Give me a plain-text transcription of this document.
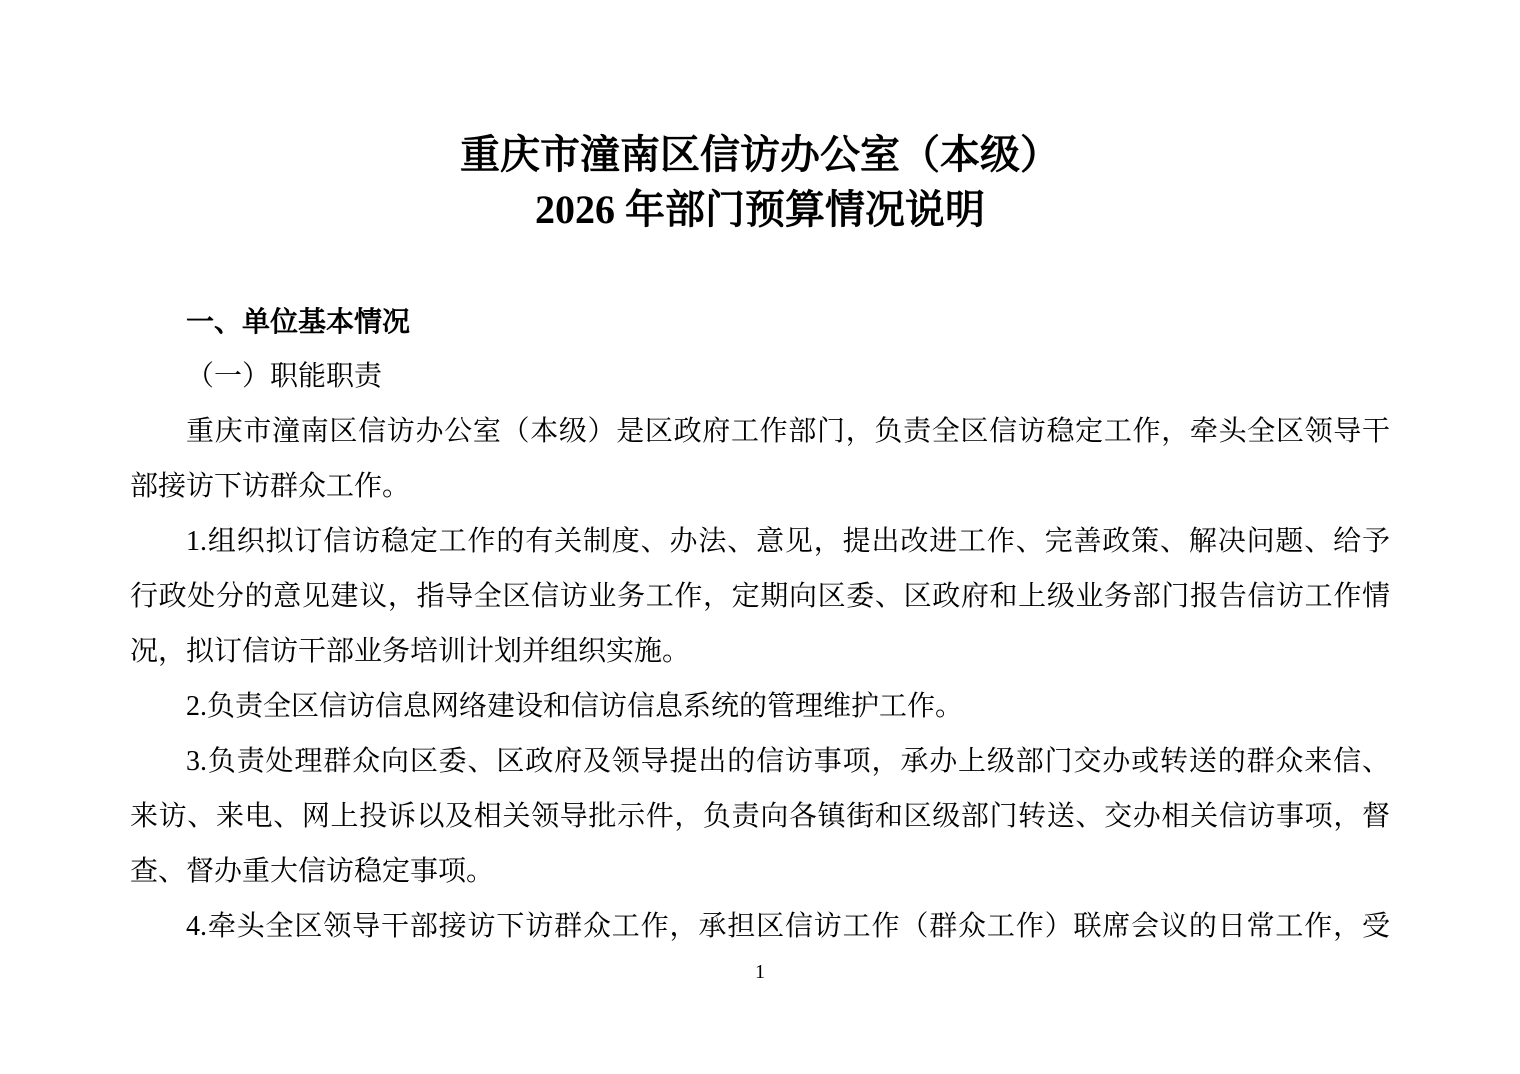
重庆市潼南区信访办公室（本级）
2026 年部门预算情况说明
一、单位基本情况
（一）职能职责
重庆市潼南区信访办公室（本级）是区政府工作部门，负责全区信访稳定工作，牵头全区领导干
部接访下访群众工作。
1.组织拟订信访稳定工作的有关制度、办法、意见，提出改进工作、完善政策、解决问题、给予
行政处分的意见建议，指导全区信访业务工作，定期向区委、区政府和上级业务部门报告信访工作情
况，拟订信访干部业务培训计划并组织实施。
2.负责全区信访信息网络建设和信访信息系统的管理维护工作。
3.负责处理群众向区委、区政府及领导提出的信访事项，承办上级部门交办或转送的群众来信、
来访、来电、网上投诉以及相关领导批示件，负责向各镇街和区级部门转送、交办相关信访事项，督
查、督办重大信访稳定事项。
4.牵头全区领导干部接访下访群众工作，承担区信访工作（群众工作）联席会议的日常工作，受
1
